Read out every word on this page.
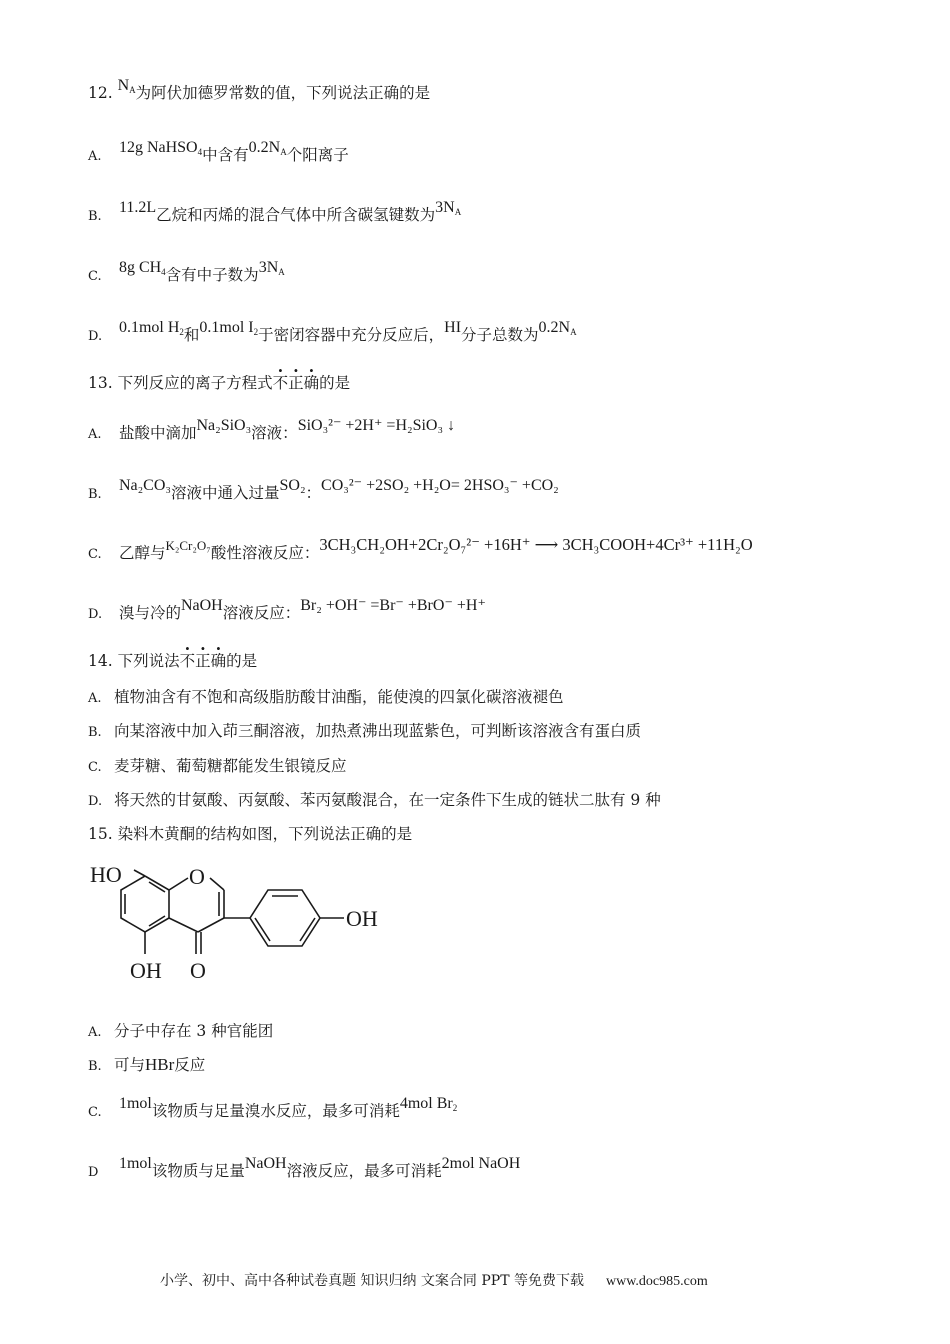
12. $N_A$为阿伏加德罗常数的值，下列说法正确的是
A. 12g NaHSO$_4$中含有$0.2N_A$个阳离子
B. 11.2L乙烷和丙烯的混合气体中所含碳氢键数为$3N_A$
C. 8g $CH_4$含有中子数为$3N_A$
D. 0.1mol $H_2$和0.1mol $I_2$于密闭容器中充分反应后，HI分子总数为$0.2N_A$
13. 下列反应的离子方程式不正确的是
A. 盐酸中滴加Na₂SiO₃溶液：SiO₃²⁻ +2H⁺ =H₂SiO₃ ↓
B. Na₂CO₃溶液中通入过量SO₂：CO₃²⁻ +2SO₂ +H₂O= 2HSO₃⁻ +CO₂
C. 乙醇与$^{K_2Cr_2O_7}$酸性溶液反应：3CH₃CH₂OH+2Cr₂O₇²⁻ +16H⁺ ⟶ 3CH₃COOH+4Cr³⁺ +11H₂O
D. 溴与冷的NaOH溶液反应：Br₂ +OH⁻ =Br⁻ +BrO⁻ +H⁺
14. 下列说法不正确的是
A. 植物油含有不饱和高级脂肪酸甘油酯，能使溴的四氯化碳溶液褪色
B. 向某溶液中加入茚三酮溶液，加热煮沸出现蓝紫色，可判断该溶液含有蛋白质
C. 麦芽糖、葡萄糖都能发生银镜反应
D. 将天然的甘氨酸、丙氨酸、苯丙氨酸混合，在一定条件下生成的链状二肽有 9 种
15. 染料木黄酮的结构如图，下列说法正确的是
HO	O
OH
OH O
A. 分子中存在 3 种官能团
B. 可与HBr反应
C. 1mol该物质与足量溴水反应，最多可消耗4mol $Br_2$
D 1mol该物质与足量NaOH溶液反应，最多可消耗2mol NaOH
小学、初中、高中各种试卷真题 知识归纳 文案合同 PPT 等免费下载 www.doc985.com
